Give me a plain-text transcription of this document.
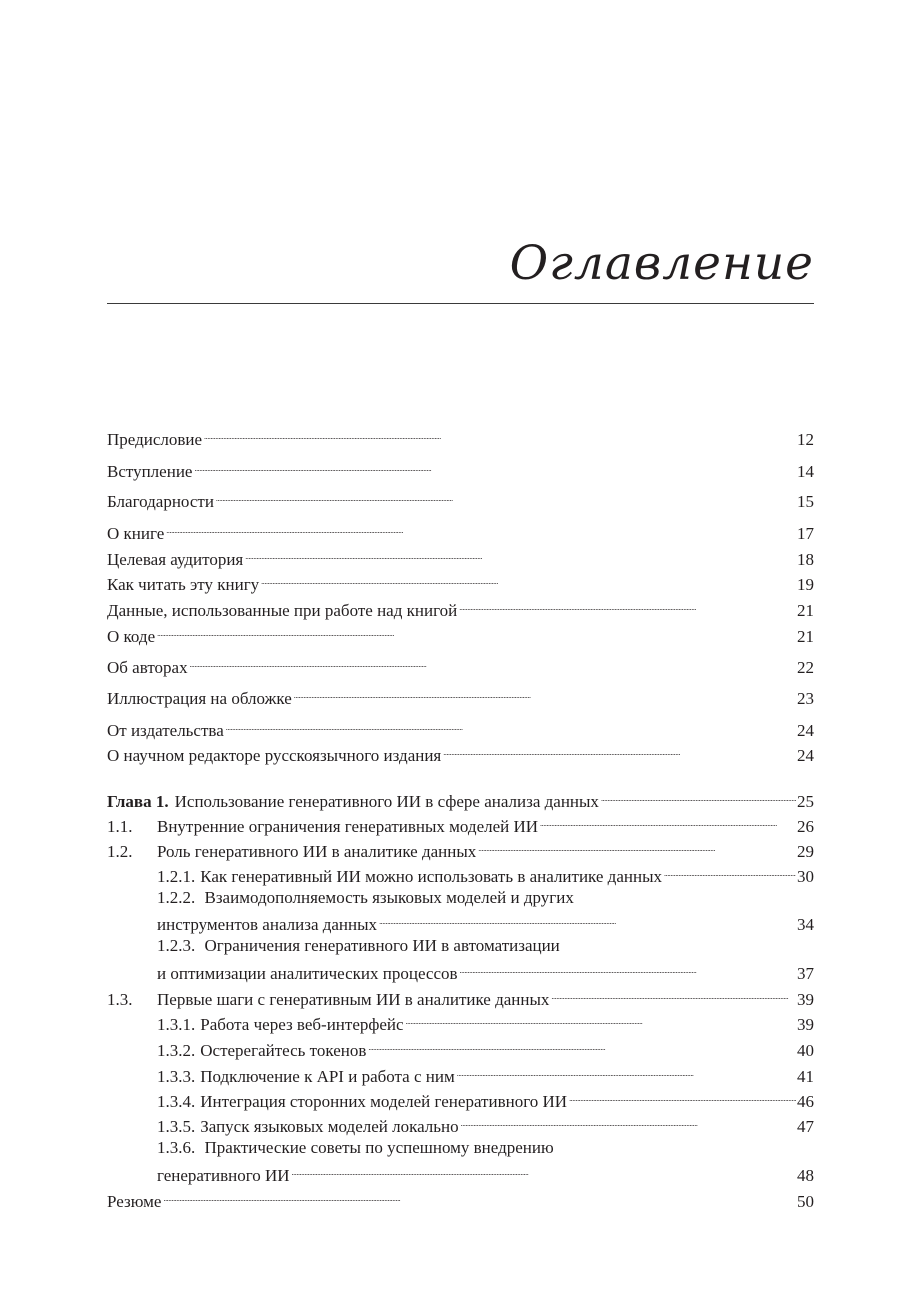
Оглавление
Предисловие . . .	12
Вступление . . .	14
Благодарности . . .	15
О книге . . .	17
Целевая аудитория . . .	18
Как читать эту книгу . . .	19
Данные, использованные при работе над книгой . . .	21
О коде . . .	21
Об авторах . . .	22
Иллюстрация на обложке . . .	23
От издательства . . .	24
О научном редакторе русскоязычного издания . . .	24
Глава 1. Использование генеративного ИИ в сфере анализа данных . . .	25
1.1.	Внутренние ограничения генеративных моделей ИИ . . .	26
1.2.	Роль генеративного ИИ в аналитике данных . . .	29
1.2.1. Как генеративный ИИ можно использовать в аналитике данных . . .	30
1.2.2. Взаимодополняемость языковых моделей и других
инструментов анализа данных . . .	34
1.2.3. Ограничения генеративного ИИ в автоматизации
и оптимизации аналитических процессов . . .	37
1.3.	Первые шаги с генеративным ИИ в аналитике данных . . .	39
1.3.1. Работа через веб-интерфейс . . .	39
1.3.2. Остерегайтесь токенов . . .	40
1.3.3. Подключение к API и работа с ним . . .	41
1.3.4. Интеграция сторонних моделей генеративного ИИ . . .	46
1.3.5. Запуск языковых моделей локально . . .	47
1.3.6. Практические советы по успешному внедрению
генеративного ИИ . . .	48
Резюме . . .	50
